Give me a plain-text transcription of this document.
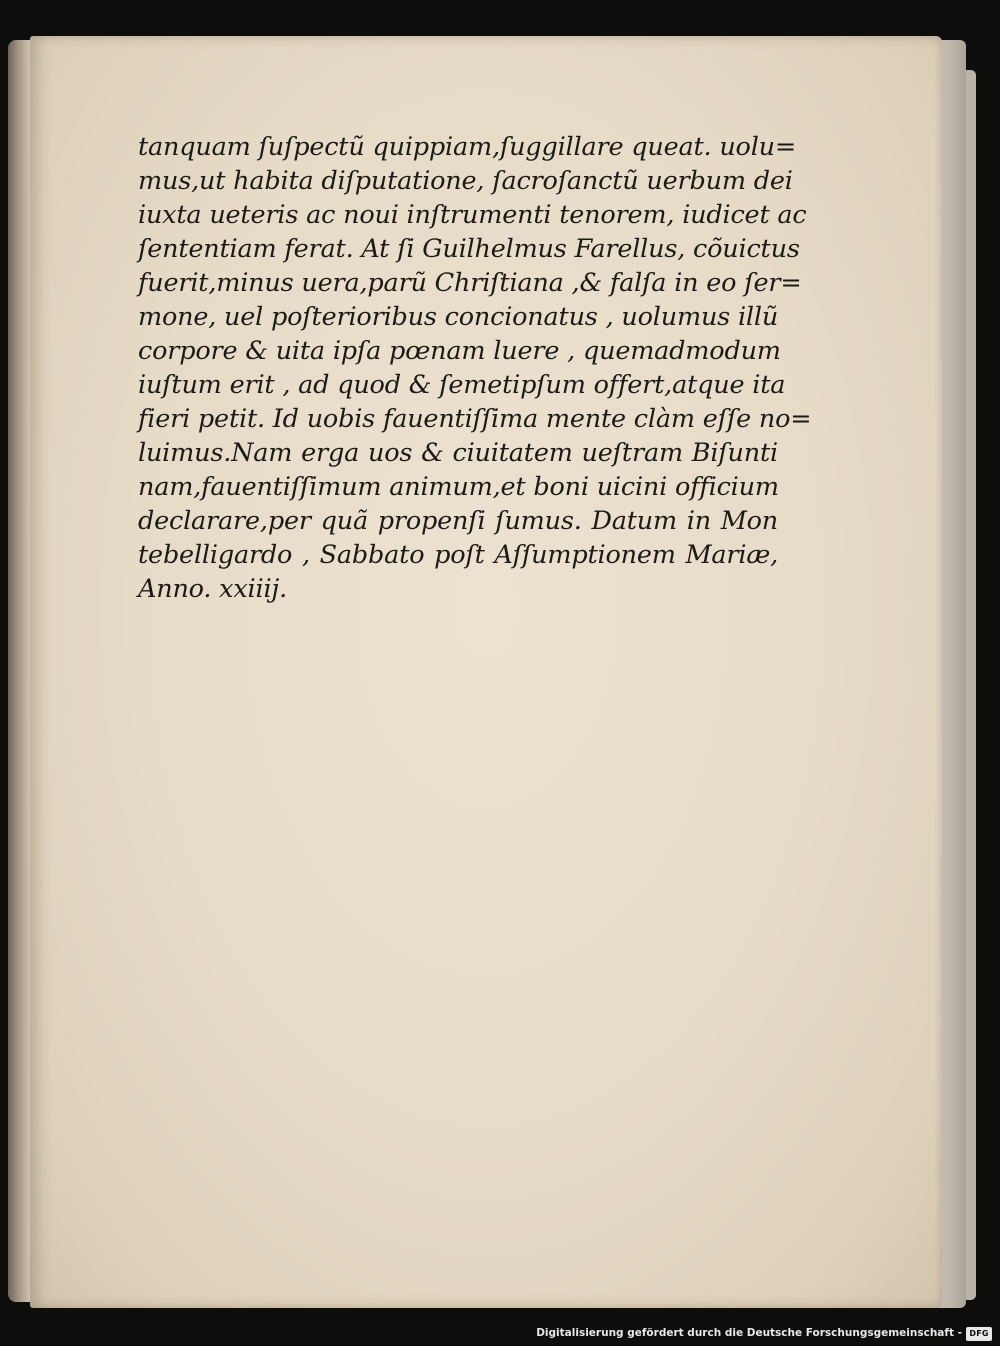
tanquam ſuſpectũ quippiam,ſuggillare queat. uolu=
mus,ut habita diſputatione, ſacroſanctũ uerbum dei
iuxta ueteris ac noui inſtrumenti tenorem, iudicet ac
ſententiam ferat. At ſi Guilhelmus Farellus, cõuictus
fuerit,minus uera,parũ Chriſtiana ,& falſa in eo ſer=
mone, uel poſterioribus concionatus , uolumus illũ
corpore & uita ipſa pœnam luere , quemadmodum
iuſtum erit , ad quod & ſemetipſum offert,atque ita
fieri petit. Id uobis fauentiſſima mente clàm eſſe no=
luimus.Nam erga uos & ciuitatem ueſtram Biſunti
nam,fauentiſſimum animum,et boni uicini officium
declarare,per quã propenſi ſumus. Datum in Mon
tebelligardo , Sabbato poſt Aſſumptionem Mariæ,
Anno. xxiiij.
Digitalisierung gefördert durch die Deutsche Forschungsgemeinschaft - DFG
